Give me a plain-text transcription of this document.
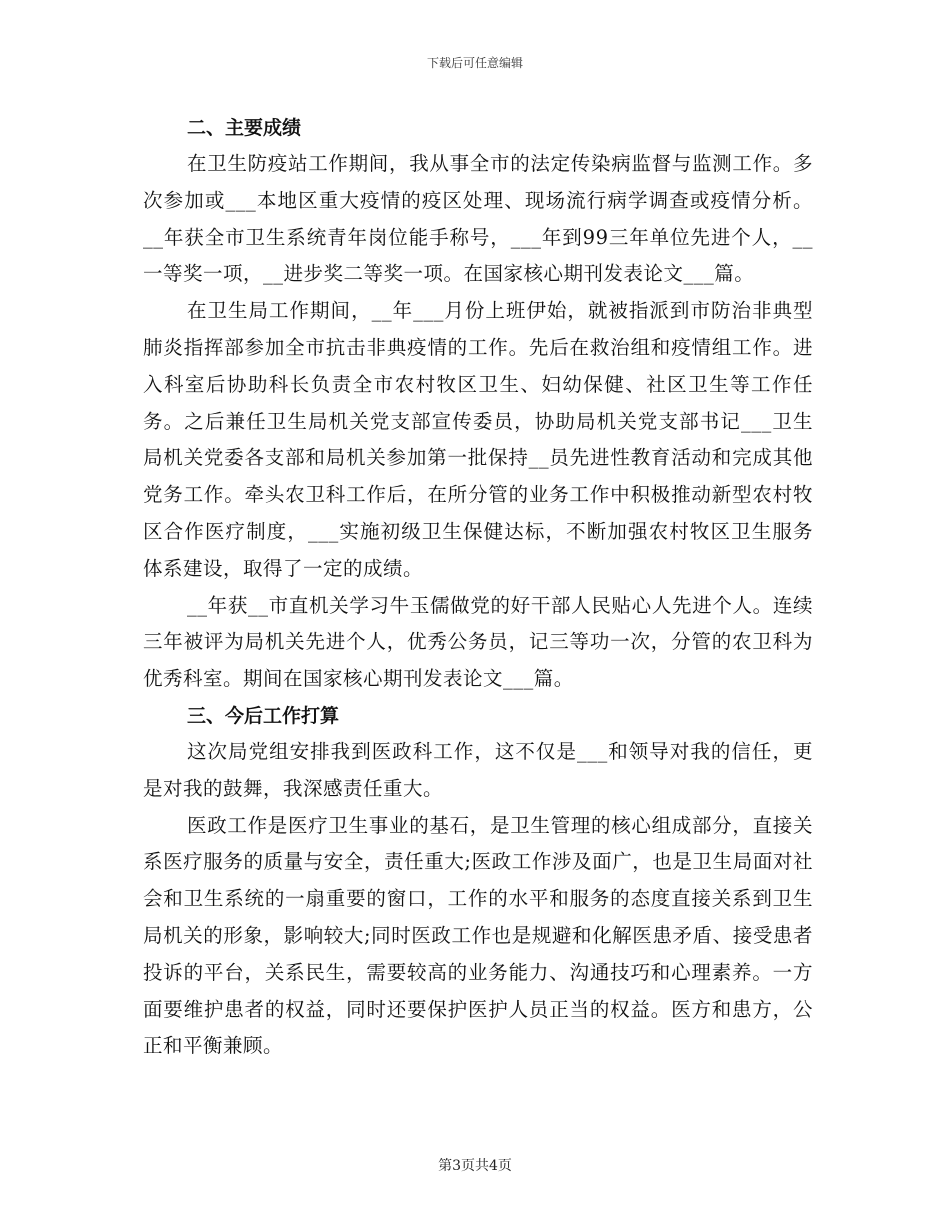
下载后可任意编辑

二、主要成绩

在卫生防疫站工作期间，我从事全市的法定传染病监督与监测工作。多次参加或___本地区重大疫情的疫区处理、现场流行病学调查或疫情分析。__年获全市卫生系统青年岗位能手称号，___年到99三年单位先进个人，__一等奖一项，__进步奖二等奖一项。在国家核心期刊发表论文___篇。

在卫生局工作期间，__年___月份上班伊始，就被指派到市防治非典型肺炎指挥部参加全市抗击非典疫情的工作。先后在救治组和疫情组工作。进入科室后协助科长负责全市农村牧区卫生、妇幼保健、社区卫生等工作任务。之后兼任卫生局机关党支部宣传委员，协助局机关党支部书记___卫生局机关党委各支部和局机关参加第一批保持__员先进性教育活动和完成其他党务工作。牵头农卫科工作后，在所分管的业务工作中积极推动新型农村牧区合作医疗制度，___实施初级卫生保健达标，不断加强农村牧区卫生服务体系建设，取得了一定的成绩。

__年获__市直机关学习牛玉儒做党的好干部人民贴心人先进个人。连续三年被评为局机关先进个人，优秀公务员，记三等功一次，分管的农卫科为优秀科室。期间在国家核心期刊发表论文___篇。

三、今后工作打算

这次局党组安排我到医政科工作，这不仅是___和领导对我的信任，更是对我的鼓舞，我深感责任重大。

医政工作是医疗卫生事业的基石，是卫生管理的核心组成部分，直接关系医疗服务的质量与安全，责任重大;医政工作涉及面广，也是卫生局面对社会和卫生系统的一扇重要的窗口，工作的水平和服务的态度直接关系到卫生局机关的形象，影响较大;同时医政工作也是规避和化解医患矛盾、接受患者投诉的平台，关系民生，需要较高的业务能力、沟通技巧和心理素养。一方面要维护患者的权益，同时还要保护医护人员正当的权益。医方和患方，公正和平衡兼顾。

第3页共4页
